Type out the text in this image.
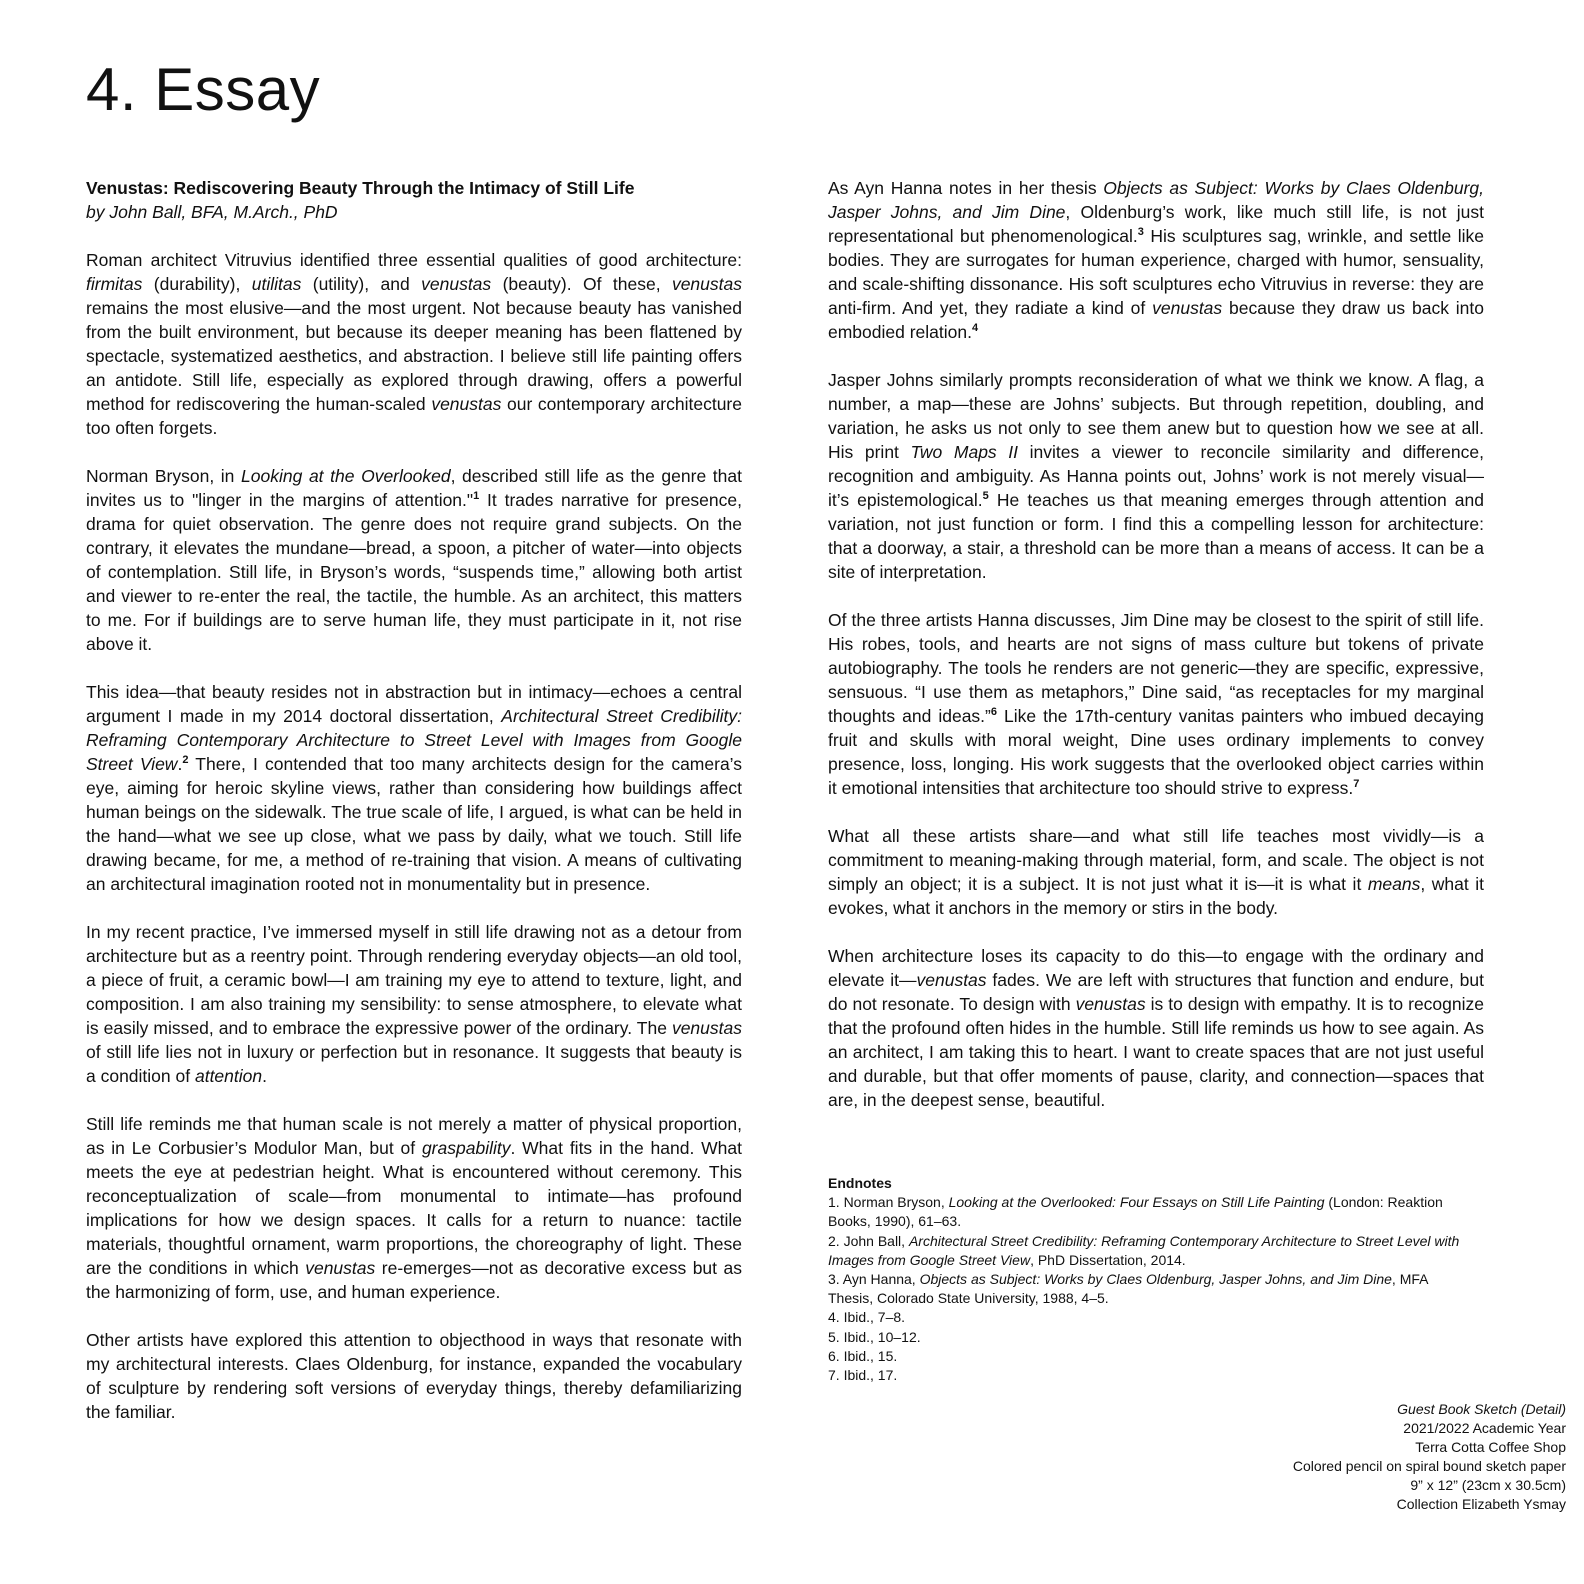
4. Essay
Venustas: Rediscovering Beauty Through the Intimacy of Still Life
by John Ball, BFA, M.Arch., PhD

Roman architect Vitruvius identified three essential qualities of good architecture: firmitas (durability), utilitas (utility), and venustas (beauty). Of these, venustas remains the most elusive—and the most urgent. Not because beauty has vanished from the built environment, but because its deeper meaning has been flattened by spectacle, systematized aesthetics, and abstraction. I believe still life painting offers an antidote. Still life, especially as explored through drawing, offers a powerful method for rediscovering the human-scaled venustas our contemporary architecture too often forgets.

Norman Bryson, in Looking at the Overlooked, described still life as the genre that invites us to "linger in the margins of attention."$^1$ It trades narrative for presence, drama for quiet observation. The genre does not require grand subjects. On the contrary, it elevates the mundane—bread, a spoon, a pitcher of water—into objects of contemplation. Still life, in Bryson’s words, “suspends time,” allowing both artist and viewer to re-enter the real, the tactile, the humble. As an architect, this matters to me. For if buildings are to serve human life, they must participate in it, not rise above it.

This idea—that beauty resides not in abstraction but in intimacy—echoes a central argument I made in my 2014 doctoral dissertation, Architectural Street Credibility: Reframing Contemporary Architecture to Street Level with Images from Google Street View.$^2$ There, I contended that too many architects design for the camera’s eye, aiming for heroic skyline views, rather than considering how buildings affect human beings on the sidewalk. The true scale of life, I argued, is what can be held in the hand—what we see up close, what we pass by daily, what we touch. Still life drawing became, for me, a method of re-training that vision. A means of cultivating an architectural imagination rooted not in monumentality but in presence.

In my recent practice, I’ve immersed myself in still life drawing not as a detour from architecture but as a reentry point. Through rendering everyday objects—an old tool, a piece of fruit, a ceramic bowl—I am training my eye to attend to texture, light, and composition. I am also training my sensibility: to sense atmosphere, to elevate what is easily missed, and to embrace the expressive power of the ordinary. The venustas of still life lies not in luxury or perfection but in resonance. It suggests that beauty is a condition of attention.

Still life reminds me that human scale is not merely a matter of physical proportion, as in Le Corbusier’s Modulor Man, but of graspability. What fits in the hand. What meets the eye at pedestrian height. What is encountered without ceremony. This reconceptualization of scale—from monumental to intimate—has profound implications for how we design spaces. It calls for a return to nuance: tactile materials, thoughtful ornament, warm proportions, the choreography of light. These are the conditions in which venustas re-emerges—not as decorative excess but as the harmonizing of form, use, and human experience.

Other artists have explored this attention to objecthood in ways that resonate with my architectural interests. Claes Oldenburg, for instance, expanded the vocabulary of sculpture by rendering soft versions of everyday things, thereby defamiliarizing the familiar.

As Ayn Hanna notes in her thesis Objects as Subject: Works by Claes Oldenburg, Jasper Johns, and Jim Dine, Oldenburg’s work, like much still life, is not just representational but phenomenological.$^3$ His sculptures sag, wrinkle, and settle like bodies. They are surrogates for human experience, charged with humor, sensuality, and scale-shifting dissonance. His soft sculptures echo Vitruvius in reverse: they are anti-firm. And yet, they radiate a kind of venustas because they draw us back into embodied relation.$^4$

Jasper Johns similarly prompts reconsideration of what we think we know. A flag, a number, a map—these are Johns’ subjects. But through repetition, doubling, and variation, he asks us not only to see them anew but to question how we see at all. His print Two Maps II invites a viewer to reconcile similarity and difference, recognition and ambiguity. As Hanna points out, Johns’ work is not merely visual—it’s epistemological.$^5$ He teaches us that meaning emerges through attention and variation, not just function or form. I find this a compelling lesson for architecture: that a doorway, a stair, a threshold can be more than a means of access. It can be a site of interpretation.

Of the three artists Hanna discusses, Jim Dine may be closest to the spirit of still life. His robes, tools, and hearts are not signs of mass culture but tokens of private autobiography. The tools he renders are not generic—they are specific, expressive, sensuous. “I use them as metaphors,” Dine said, “as receptacles for my marginal thoughts and ideas.”$^6$ Like the 17th-century vanitas painters who imbued decaying fruit and skulls with moral weight, Dine uses ordinary implements to convey presence, loss, longing. His work suggests that the overlooked object carries within it emotional intensities that architecture too should strive to express.$^7$

What all these artists share—and what still life teaches most vividly—is a commitment to meaning-making through material, form, and scale. The object is not simply an object; it is a subject. It is not just what it is—it is what it means, what it evokes, what it anchors in the memory or stirs in the body.

When architecture loses its capacity to do this—to engage with the ordinary and elevate it—venustas fades. We are left with structures that function and endure, but do not resonate. To design with venustas is to design with empathy. It is to recognize that the profound often hides in the humble. Still life reminds us how to see again. As an architect, I am taking this to heart. I want to create spaces that are not just useful and durable, but that offer moments of pause, clarity, and connection—spaces that are, in the deepest sense, beautiful.

Endnotes
1. Norman Bryson, Looking at the Overlooked: Four Essays on Still Life Painting (London: Reaktion Books, 1990), 61–63.
2. John Ball, Architectural Street Credibility: Reframing Contemporary Architecture to Street Level with Images from Google Street View, PhD Dissertation, 2014.
3. Ayn Hanna, Objects as Subject: Works by Claes Oldenburg, Jasper Johns, and Jim Dine, MFA Thesis, Colorado State University, 1988, 4–5.
4. Ibid., 7–8.
5. Ibid., 10–12.
6. Ibid., 15.
7. Ibid., 17.
Guest Book Sketch (Detail)
2021/2022 Academic Year
Terra Cotta Coffee Shop
Colored pencil on spiral bound sketch paper
9” x 12” (23cm x 30.5cm)
Collection Elizabeth Ysmay
